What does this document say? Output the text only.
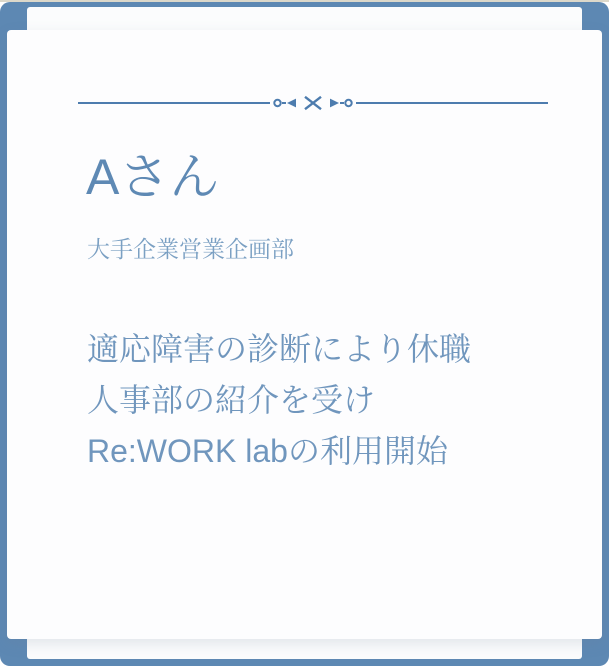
Aさん
大手企業営業企画部
適応障害の診断により休職
人事部の紹介を受け
Re:WORK labの利用開始
